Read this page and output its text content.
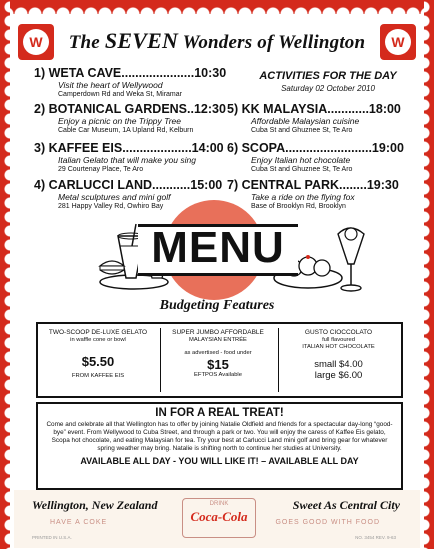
W	W
The SEVEN Wonders of Wellington
ACTIVITIES FOR THE DAY
Saturday 02 October 2010
1) WETA CAVE.....................10:30
Visit the heart of Wellywood
Camperdown Rd and Weka St, Miramar
2) BOTANICAL GARDENS..12:30
Enjoy a picnic on the Trippy Tree
Cable Car Museum, 1A Upland Rd, Kelburn
3) KAFFEE EIS....................14:00
Italian Gelato that will make you sing
29 Courtenay Place, Te Aro
4) CARLUCCI LAND...........15:00
Metal sculptures and mini golf
281 Happy Valley Rd, Owhiro Bay
5) KK MALAYSIA............18:00
Affordable Malaysian cuisine
Cuba St and Ghuznee St, Te Aro
6) SCOPA.........................19:00
Enjoy Italian hot chocolate
Cuba St and Ghuznee St, Te Aro
7) CENTRAL PARK........19:30
Take a ride on the flying fox
Base of Brooklyn Rd, Brooklyn
MENU
Budgeting Features
TWO-SCOOP DE-LUXE GELATO
in waffle cone or bowl
$5.50
FROM KAFFEE EIS
SUPER JUMBO AFFORDABLE
MALAYSIAN ENTRÉE
as advertised - food under
$15
EFTPOS Available
GUSTO CIOCCOLATO
full flavoured
ITALIAN HOT CHOCOLATE
small $4.00
large $6.00
IN FOR A REAL TREAT!
Come and celebrate all that Wellington has to offer by joining Natalie Oldfield and friends for a spectacular day-long “good-bye” event. From Wellywood to Cuba Street, and through a park or two. You will enjoy the caress of Kaffee Eis gelato, Scopa hot chocolate, and eating Malaysian for tea. Try your best at Carlucci Land mini golf and bring gear for whatever spring weather may bring. Natalie is shifting north to continue her studies at University.
AVAILABLE ALL DAY - YOU WILL LIKE IT! – AVAILABLE ALL DAY
Wellington, New Zealand	Sweet As Central City
HAVE A COKE	GOES GOOD WITH FOOD
DRINK
Coca-Cola
PRINTED IN U.S.A.	NO. 3454 REV. 9-63
